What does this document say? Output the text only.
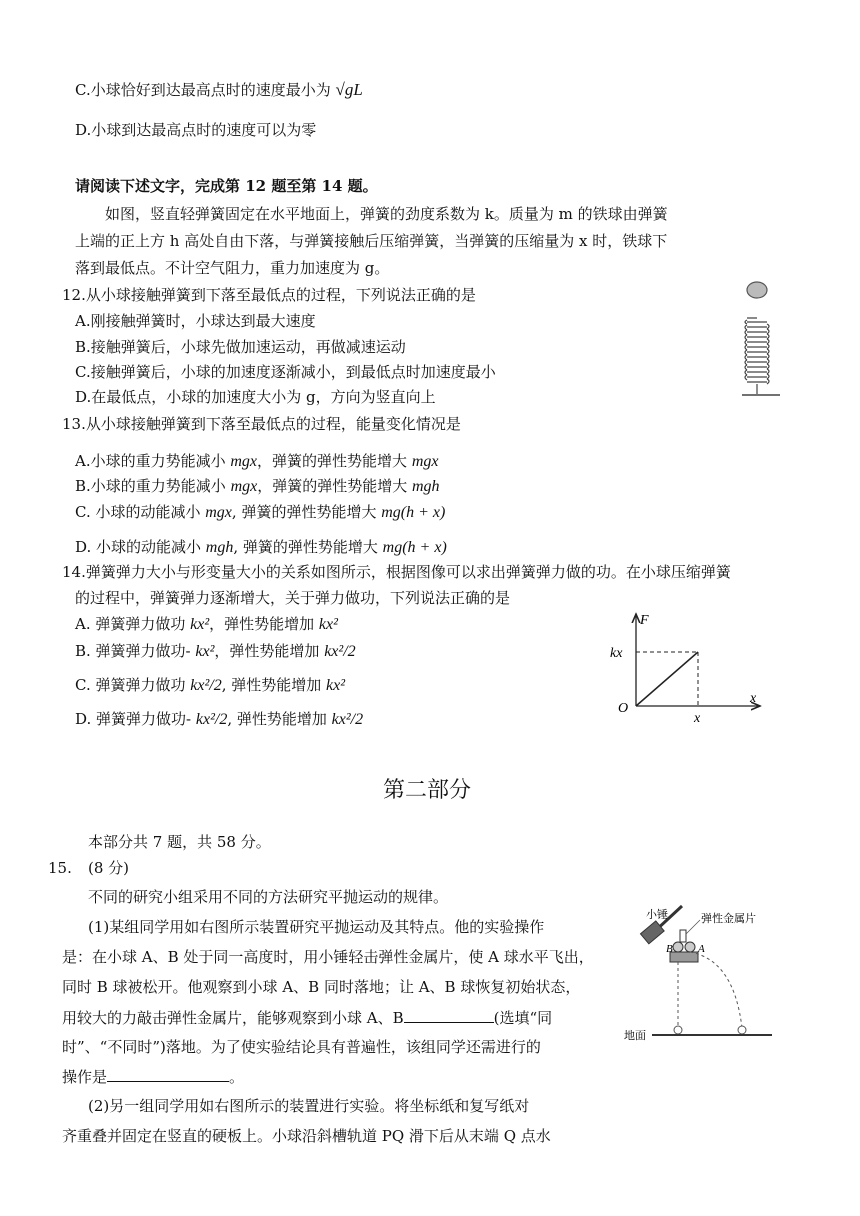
C.小球恰好到达最高点时的速度最小为 √gL
D.小球到达最高点时的速度可以为零
请阅读下述文字，完成第 12 题至第 14 题。
如图，竖直轻弹簧固定在水平地面上，弹簧的劲度系数为 k。质量为 m 的铁球由弹簧
上端的正上方 h 高处自由下落，与弹簧接触后压缩弹簧，当弹簧的压缩量为 x 时，铁球下
落到最低点。不计空气阻力，重力加速度为 g。
12.从小球接触弹簧到下落至最低点的过程，下列说法正确的是
A.刚接触弹簧时，小球达到最大速度
B.接触弹簧后，小球先做加速运动，再做减速运动
C.接触弹簧后，小球的加速度逐渐减小，到最低点时加速度最小
D.在最低点，小球的加速度大小为 g，方向为竖直向上
13.从小球接触弹簧到下落至最低点的过程，能量变化情况是
A.小球的重力势能减小 mgx，弹簧的弹性势能增大 mgx
B.小球的重力势能减小 mgx，弹簧的弹性势能增大 mgh
C. 小球的动能减小 mgx, 弹簧的弹性势能增大 mg(h + x)
D. 小球的动能减小 mgh, 弹簧的弹性势能增大 mg(h + x)
14.弹簧弹力大小与形变量大小的关系如图所示，根据图像可以求出弹簧弹力做的功。在小球压缩弹簧
的过程中，弹簧弹力逐渐增大，关于弹力做功，下列说法正确的是
A. 弹簧弹力做功 kx²，弹性势能增加 kx²
B. 弹簧弹力做功- kx²，弹性势能增加 kx²/2
C. 弹簧弹力做功 kx²/2, 弹性势能增加 kx²
D. 弹簧弹力做功- kx²/2, 弹性势能增加 kx²/2
F
x
O
kx
x
第二部分
本部分共 7 题，共 58 分。
15. (8 分)
不同的研究小组采用不同的方法研究平抛运动的规律。
(1)某组同学用如右图所示装置研究平抛运动及其特点。他的实验操作
是：在小球 A、B 处于同一高度时，用小锤轻击弹性金属片，使 A 球水平飞出，
同时 B 球被松开。他观察到小球 A、B 同时落地；让 A、B 球恢复初始状态，
用较大的力敲击弹性金属片，能够观察到小球 A、B	(选填“同
时”、“不同时”)落地。为了使实验结论具有普遍性，该组同学还需进行的
操作是	。
(2)另一组同学用如右图所示的装置进行实验。将坐标纸和复写纸对
齐重叠并固定在竖直的硬板上。小球沿斜槽轨道 PQ 滑下后从末端 Q 点水
小锤	弹性金属片
B A
地面
